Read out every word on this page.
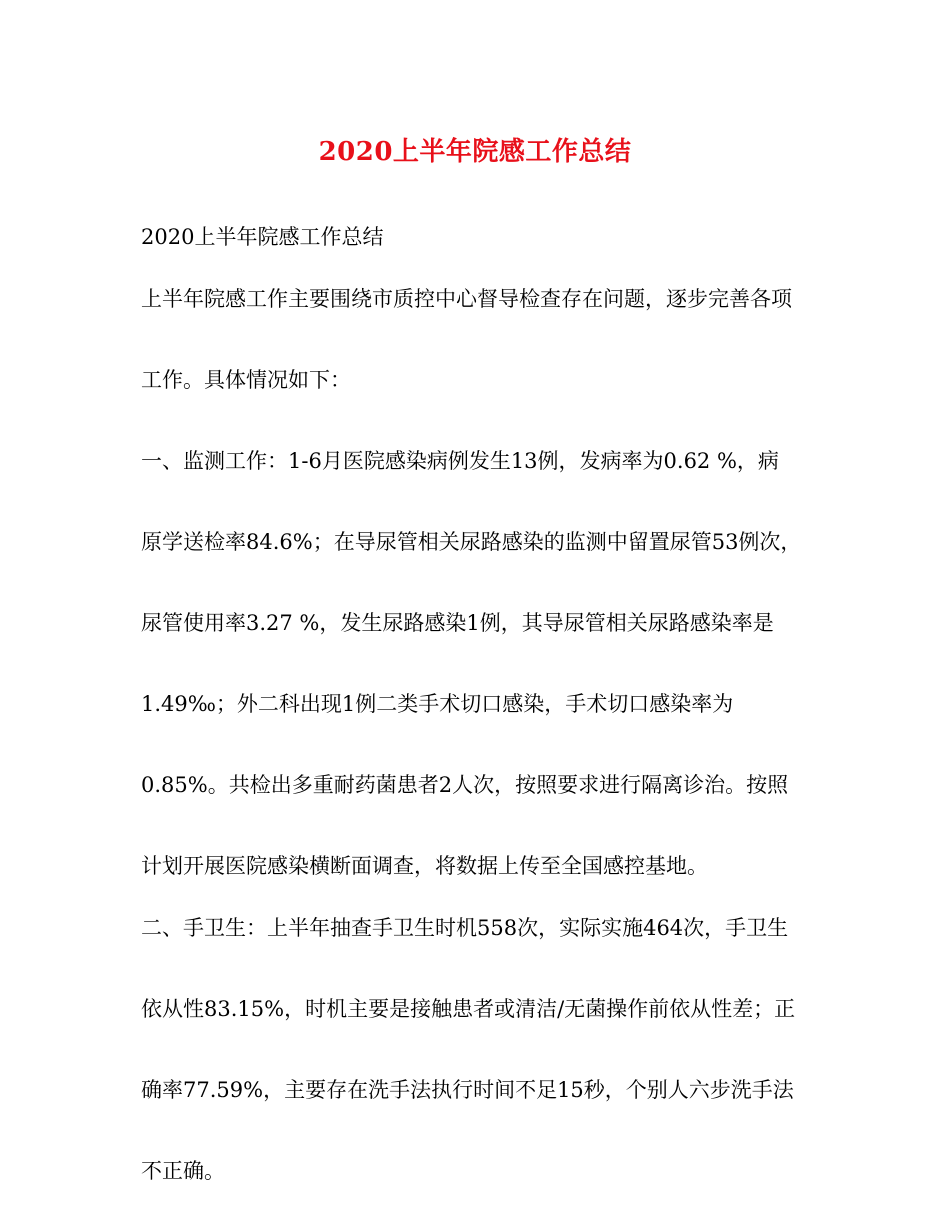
2020上半年院感工作总结
2020上半年院感工作总结
上半年院感工作主要围绕市质控中心督导检查存在问题，逐步完善各项
工作。具体情况如下：
一、监测工作：1-6月医院感染病例发生13例，发病率为0.62 %，病
原学送检率84.6%；在导尿管相关尿路感染的监测中留置尿管53例次，
尿管使用率3.27 %，发生尿路感染1例，其导尿管相关尿路感染率是
1.49‰；外二科出现1例二类手术切口感染，手术切口感染率为
0.85%。共检出多重耐药菌患者2人次，按照要求进行隔离诊治。按照
计划开展医院感染横断面调查，将数据上传至全国感控基地。
二、手卫生：上半年抽查手卫生时机558次，实际实施464次，手卫生
依从性83.15%，时机主要是接触患者或清洁/无菌操作前依从性差；正
确率77.59%，主要存在洗手法执行时间不足15秒，个别人六步洗手法
不正确。
